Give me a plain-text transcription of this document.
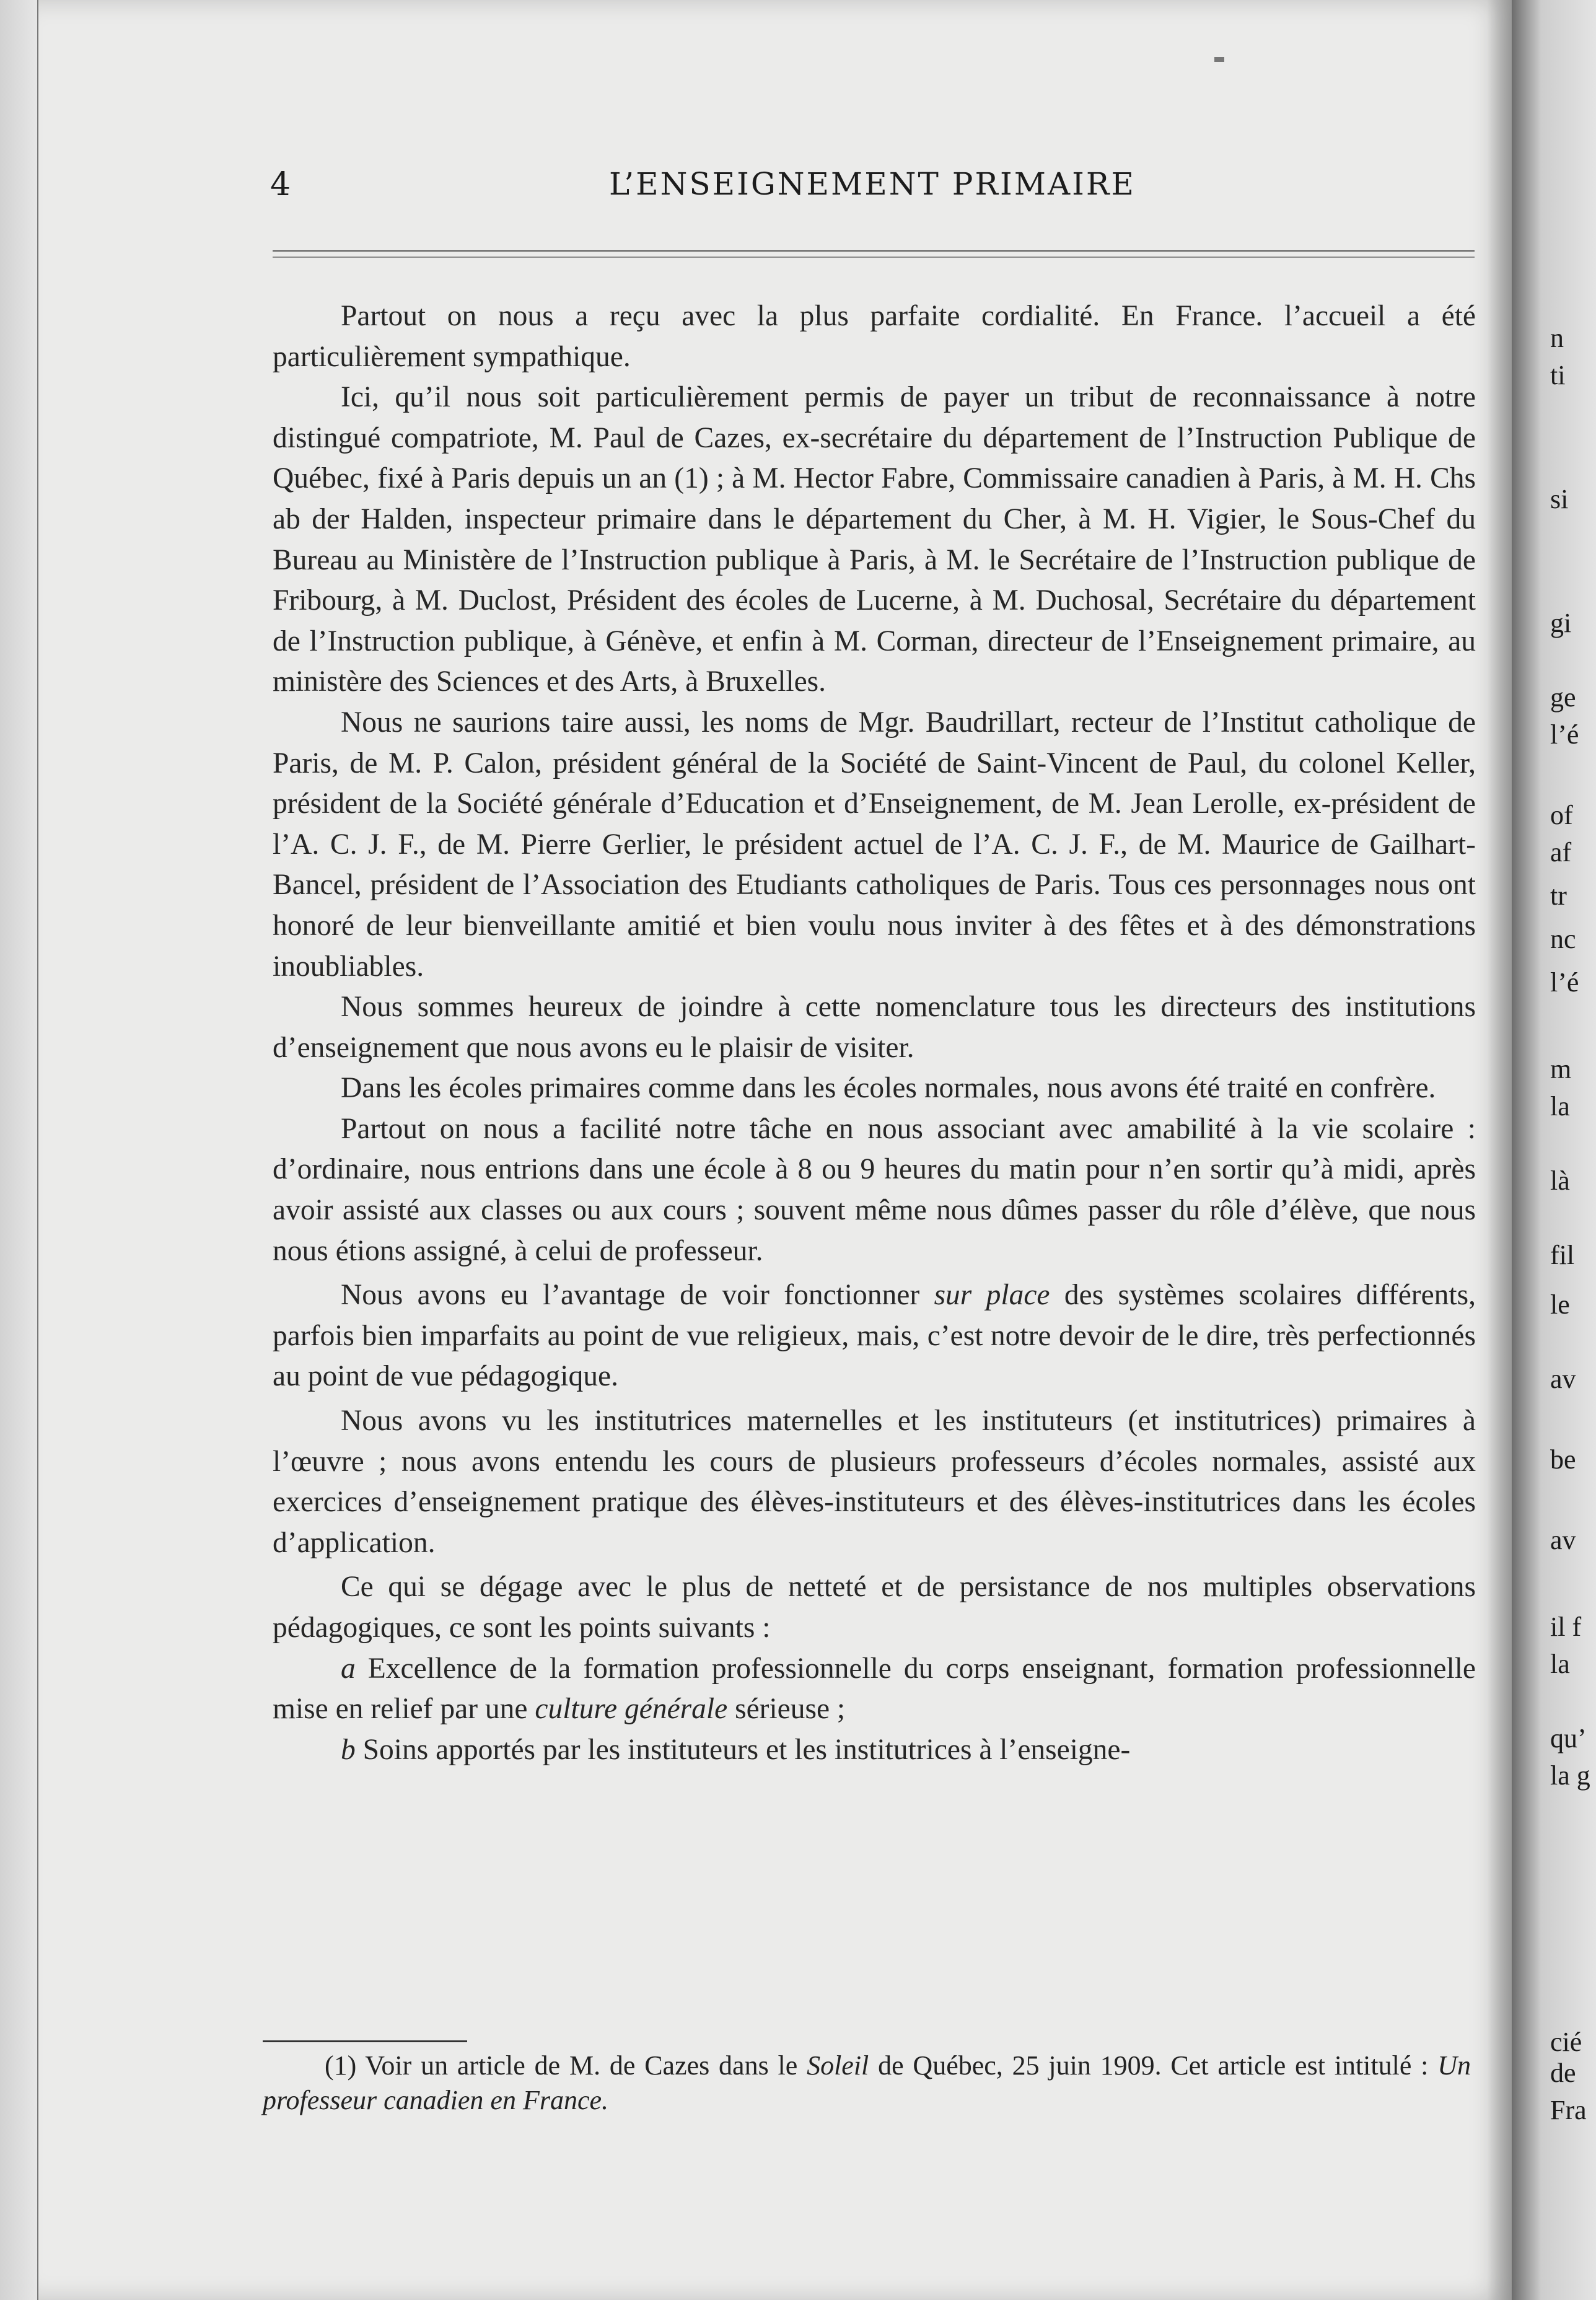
4	L’ENSEIGNEMENT PRIMAIRE

Partout on nous a reçu avec la plus parfaite cordialité. En France. l’accueil a été particulièrement sympathique.

Ici, qu’il nous soit particulièrement permis de payer un tribut de reconnaissance à notre distingué compatriote, M. Paul de Cazes, ex-secrétaire du département de l’Instruction Publique de Québec, fixé à Paris depuis un an (1) ; à M. Hector Fabre, Commissaire canadien à Paris, à M. H. Chs ab der Halden, inspecteur primaire dans le département du Cher, à M. H. Vigier, le Sous-Chef du Bureau au Ministère de l’Instruction publique à Paris, à M. le Secrétaire de l’Instruction publique de Fribourg, à M. Duclost, Président des écoles de Lucerne, à M. Duchosal, Secrétaire du département de l’Instruction publique, à Génève, et enfin à M. Corman, directeur de l’Enseignement primaire, au ministère des Sciences et des Arts, à Bruxelles.

Nous ne saurions taire aussi, les noms de Mgr. Baudrillart, recteur de l’Institut catholique de Paris, de M. P. Calon, président général de la Société de Saint-Vincent de Paul, du colonel Keller, président de la Société générale d’Education et d’Enseignement, de M. Jean Lerolle, ex-président de l’A. C. J. F., de M. Pierre Gerlier, le président actuel de l’A. C. J. F., de M. Maurice de Gailhart-Bancel, président de l’Association des Etudiants catholiques de Paris. Tous ces personnages nous ont honoré de leur bienveillante amitié et bien voulu nous inviter à des fêtes et à des démonstrations inoubliables.

Nous sommes heureux de joindre à cette nomenclature tous les directeurs des institutions d’enseignement que nous avons eu le plaisir de visiter.

Dans les écoles primaires comme dans les écoles normales, nous avons été traité en confrère.

Partout on nous a facilité notre tâche en nous associant avec amabilité à la vie scolaire : d’ordinaire, nous entrions dans une école à 8 ou 9 heures du matin pour n’en sortir qu’à midi, après avoir assisté aux classes ou aux cours ; souvent même nous dûmes passer du rôle d’élève, que nous nous étions assigné, à celui de professeur.

Nous avons eu l’avantage de voir fonctionner sur place des systèmes scolaires différents, parfois bien imparfaits au point de vue religieux, mais, c’est notre devoir de le dire, très perfectionnés au point de vue pédagogique.

Nous avons vu les institutrices maternelles et les instituteurs (et institutrices) primaires à l’œuvre ; nous avons entendu les cours de plusieurs professeurs d’écoles normales, assisté aux exercices d’enseignement pratique des élèves-instituteurs et des élèves-institutrices dans les écoles d’application.

Ce qui se dégage avec le plus de netteté et de persistance de nos multiples observations pédagogiques, ce sont les points suivants :

a Excellence de la formation professionnelle du corps enseignant, formation professionnelle mise en relief par une culture générale sérieuse ;

b Soins apportés par les instituteurs et les institutrices à l’enseigne-

(1) Voir un article de M. de Cazes dans le Soleil de Québec, 25 juin 1909. Cet article est intitulé : Un professeur canadien en France.
n
ti
si
gi
ge
l’é
of
af
tr
nc
l’é
m
la
là
fil
le
av
be
av
il f
la
qu’
la g
cié
de
Fra
